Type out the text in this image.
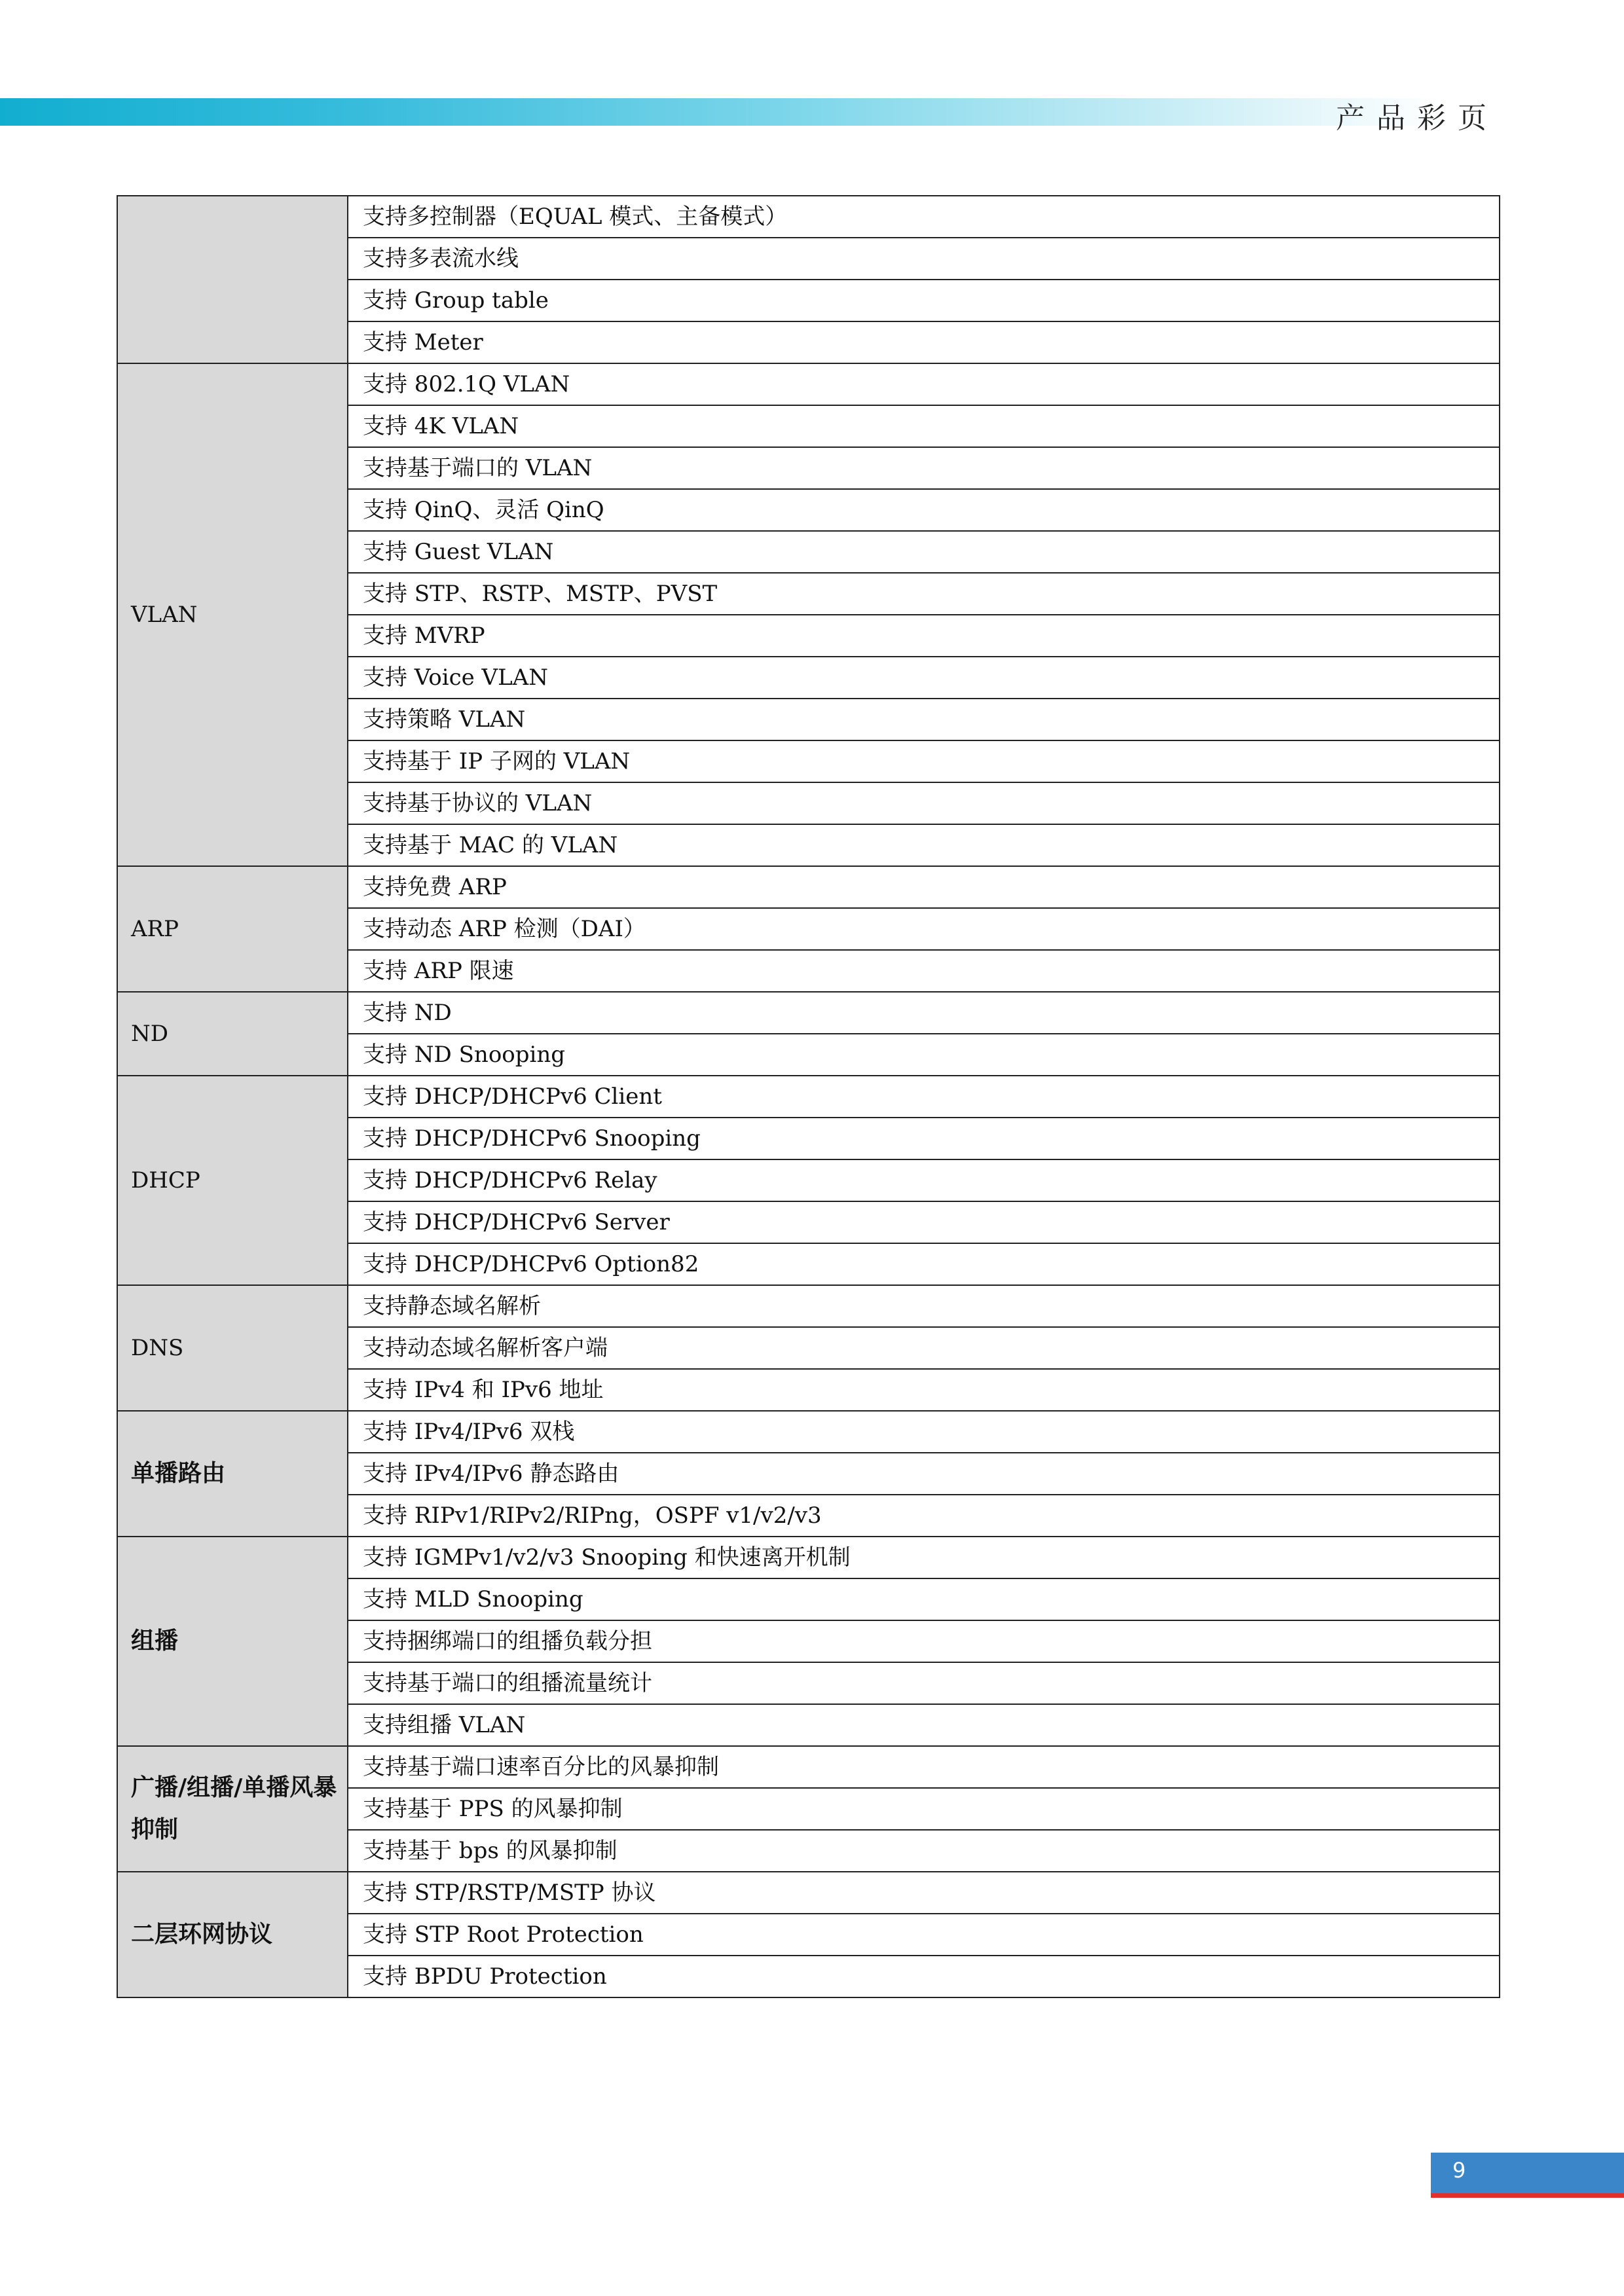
产品彩页
	支持多控制器（EQUAL 模式、主备模式）
	支持多表流水线
	支持 Group table
	支持 Meter
VLAN	支持 802.1Q VLAN
	支持 4K VLAN
	支持基于端口的 VLAN
	支持 QinQ、灵活 QinQ
	支持 Guest VLAN
	支持 STP、RSTP、MSTP、PVST
	支持 MVRP
	支持 Voice VLAN
	支持策略 VLAN
	支持基于 IP 子网的 VLAN
	支持基于协议的 VLAN
	支持基于 MAC 的 VLAN
ARP	支持免费 ARP
	支持动态 ARP 检测（DAI）
	支持 ARP 限速
ND	支持 ND
	支持 ND Snooping
DHCP	支持 DHCP/DHCPv6 Client
	支持 DHCP/DHCPv6 Snooping
	支持 DHCP/DHCPv6 Relay
	支持 DHCP/DHCPv6 Server
	支持 DHCP/DHCPv6 Option82
DNS	支持静态域名解析
	支持动态域名解析客户端
	支持 IPv4 和 IPv6 地址
单播路由	支持 IPv4/IPv6 双栈
	支持 IPv4/IPv6 静态路由
	支持 RIPv1/RIPv2/RIPng，OSPF v1/v2/v3
组播	支持 IGMPv1/v2/v3 Snooping 和快速离开机制
	支持 MLD Snooping
	支持捆绑端口的组播负载分担
	支持基于端口的组播流量统计
	支持组播 VLAN
广播/组播/单播风暴抑制	支持基于端口速率百分比的风暴抑制
	支持基于 PPS 的风暴抑制
	支持基于 bps 的风暴抑制
二层环网协议	支持 STP/RSTP/MSTP 协议
	支持 STP Root Protection
	支持 BPDU Protection
9
